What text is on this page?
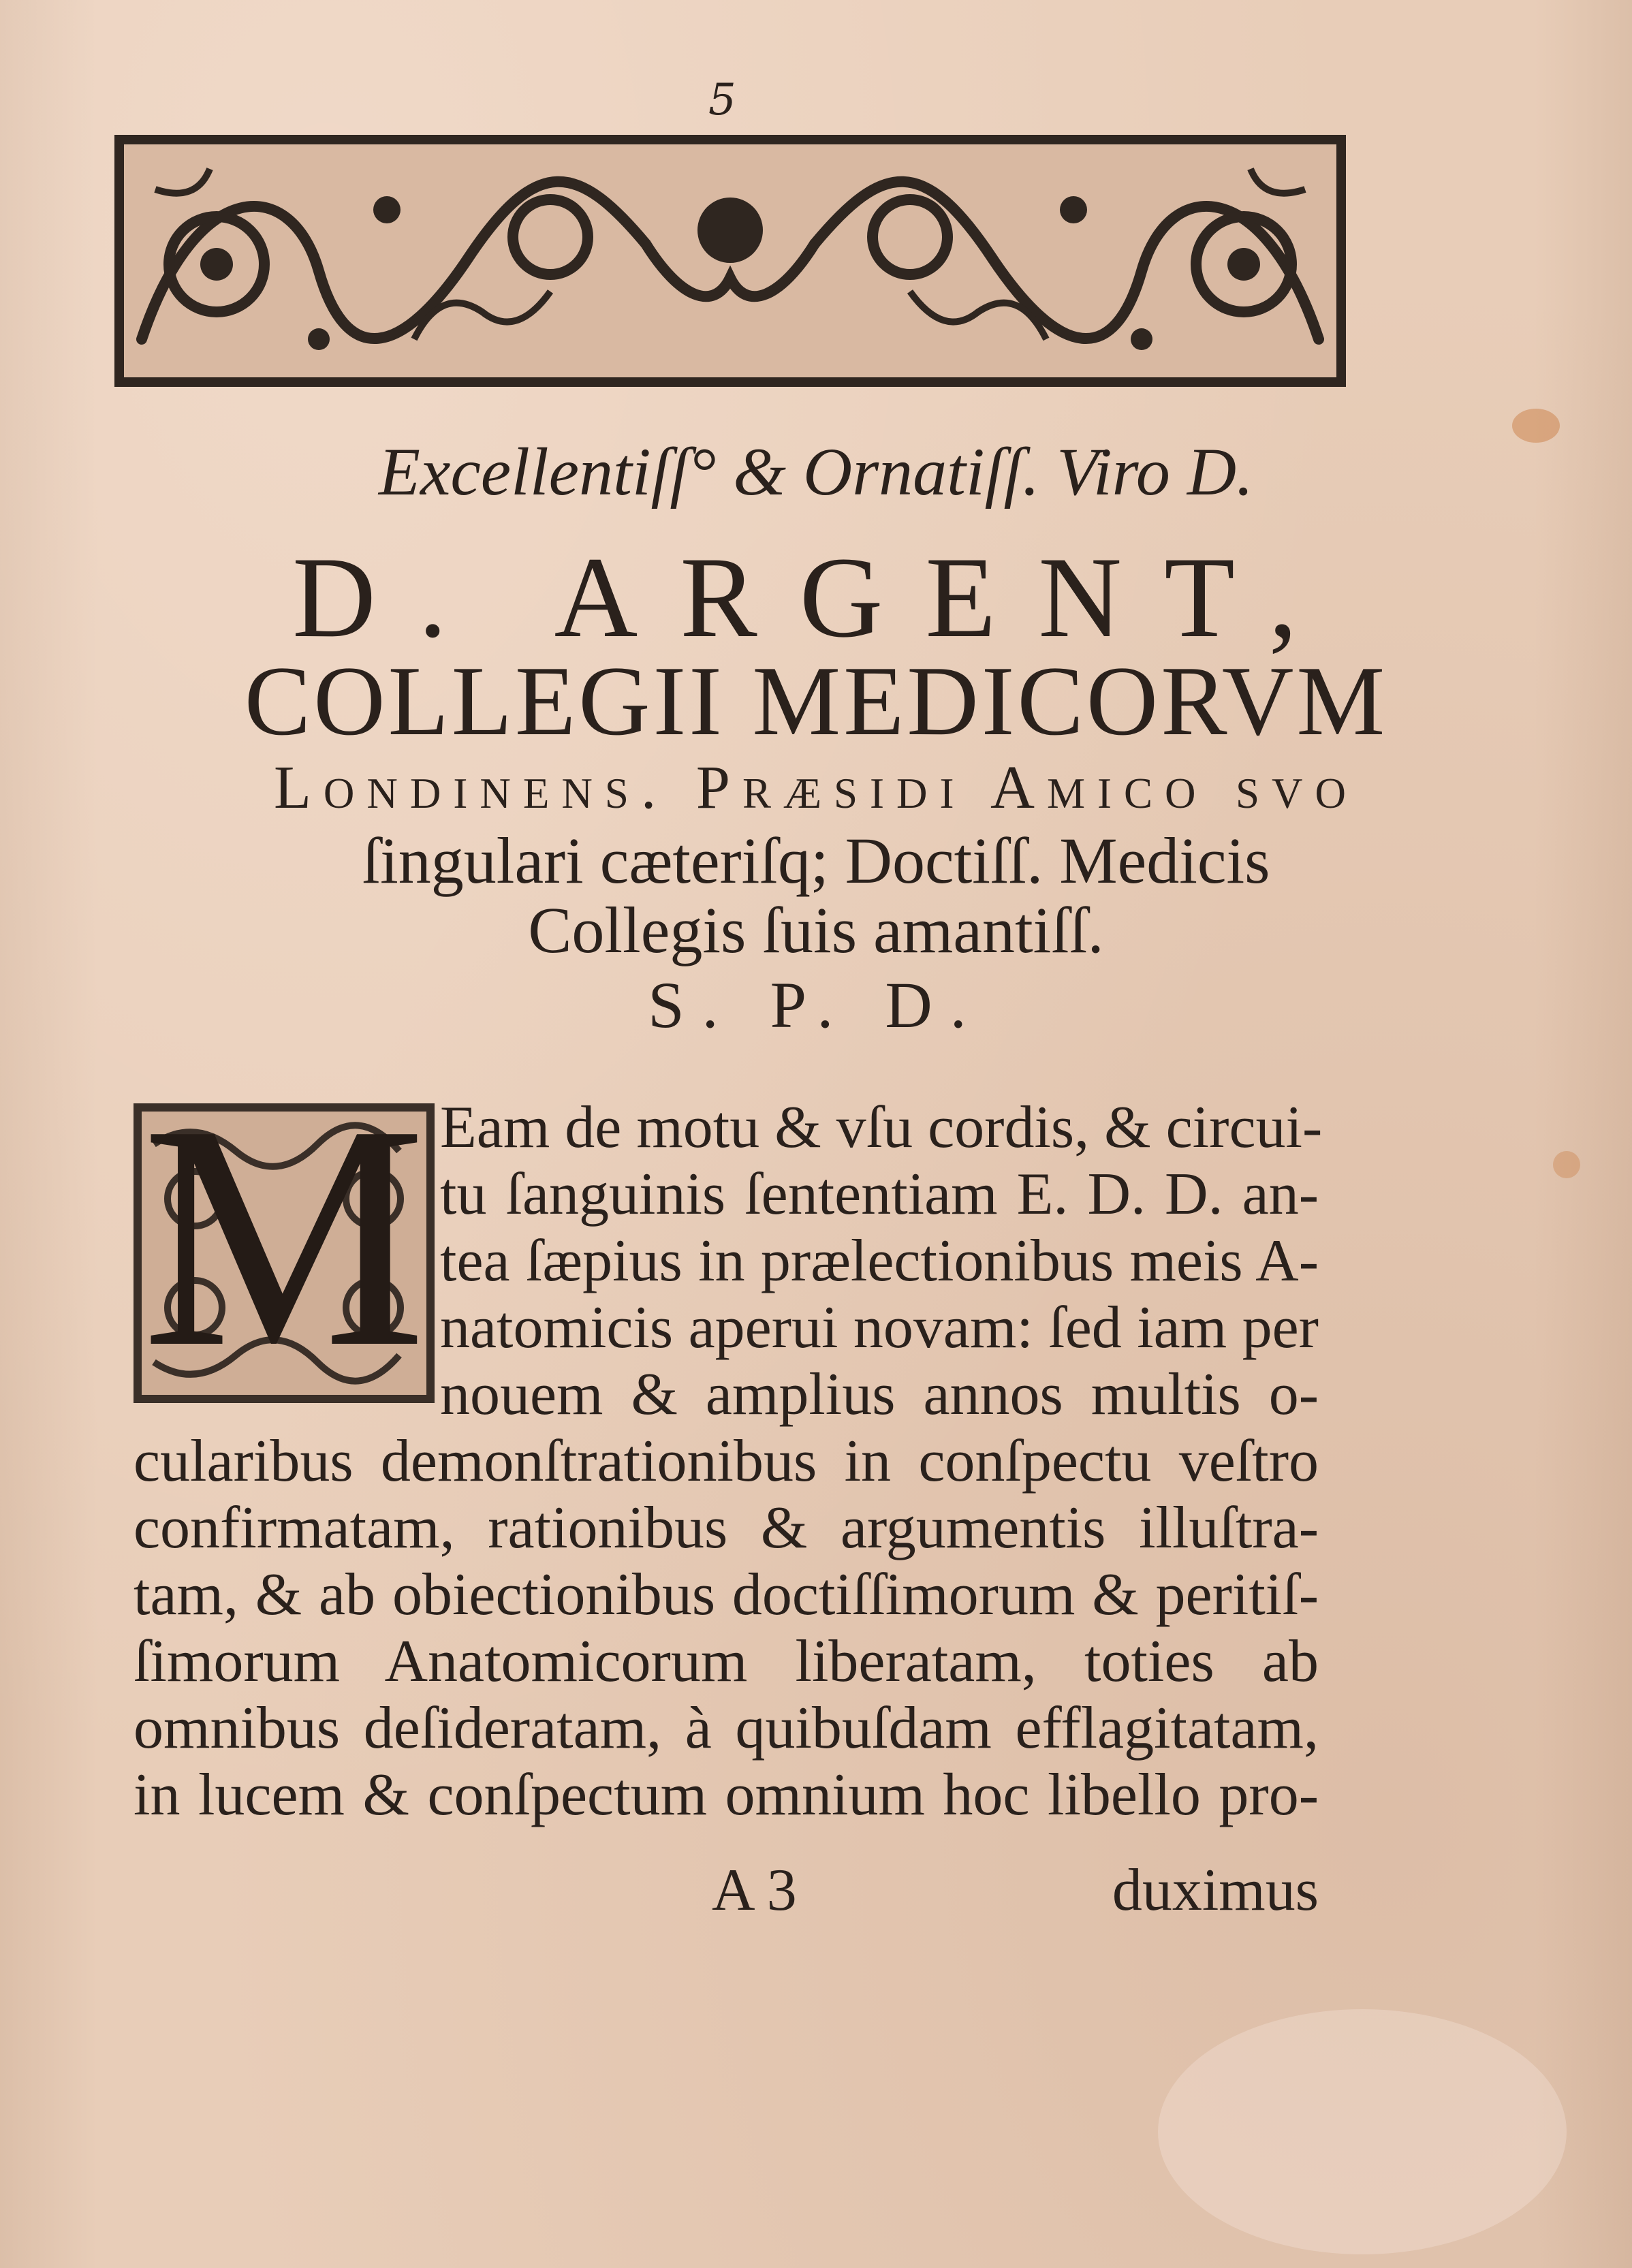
5
Excellentiſſ° & Ornatiſſ. Viro D.
D. ARGENT,
COLLEGII MEDICORVM
Londinens. Præsidi Amico svo
ſingulari cæteriſq; Doctiſſ. Medicis
Collegis ſuis amantiſſ.
S. P. D.
M Eam de motu & vſu cordis, & circui-
tu ſanguinis ſententiam E. D. D. an-
tea ſæpius in prælectionibus meis A-
natomicis aperui novam: ſed iam per
nouem & amplius annos multis o-
cularibus demonſtrationibus in conſpectu veſtro
confirmatam, rationibus & argumentis illuſtra-
tam, & ab obiectionibus doctiſſimorum & peritiſ-
ſimorum Anatomicorum liberatam, toties ab
omnibus deſideratam, à quibuſdam efflagitatam,
in lucem & conſpectum omnium hoc libello pro-
A 3	duximus
